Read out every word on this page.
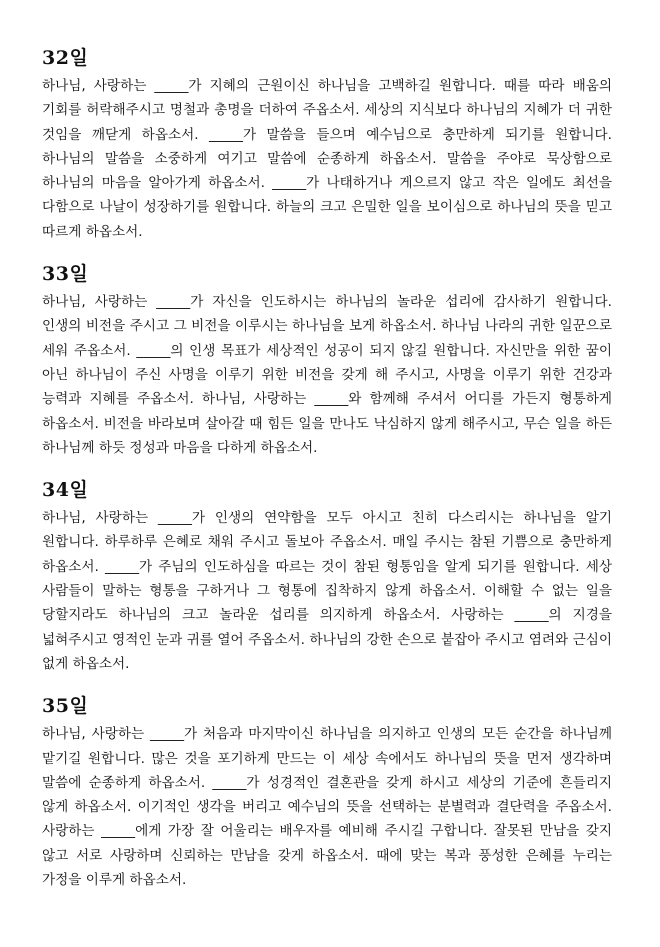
32일

하나님, 사랑하는 _____가 지혜의 근원이신 하나님을 고백하길 원합니다. 때를 따라 배움의 기회를 허락해주시고 명철과 총명을 더하여 주옵소서. 세상의 지식보다 하나님의 지혜가 더 귀한 것임을 깨닫게 하옵소서. _____가 말씀을 들으며 예수님으로 충만하게 되기를 원합니다. 하나님의 말씀을 소중하게 여기고 말씀에 순종하게 하옵소서. 말씀을 주야로 묵상함으로 하나님의 마음을 알아가게 하옵소서. _____가 나태하거나 게으르지 않고 작은 일에도 최선을 다함으로 나날이 성장하기를 원합니다. 하늘의 크고 은밀한 일을 보이심으로 하나님의 뜻을 믿고 따르게 하옵소서.

33일

하나님, 사랑하는 _____가 자신을 인도하시는 하나님의 놀라운 섭리에 감사하기 원합니다. 인생의 비전을 주시고 그 비전을 이루시는 하나님을 보게 하옵소서. 하나님 나라의 귀한 일꾼으로 세워 주옵소서. _____의 인생 목표가 세상적인 성공이 되지 않길 원합니다. 자신만을 위한 꿈이 아닌 하나님이 주신 사명을 이루기 위한 비전을 갖게 해 주시고, 사명을 이루기 위한 건강과 능력과 지혜를 주옵소서. 하나님, 사랑하는 _____와 함께해 주셔서 어디를 가든지 형통하게 하옵소서. 비전을 바라보며 살아갈 때 힘든 일을 만나도 낙심하지 않게 해주시고, 무슨 일을 하든 하나님께 하듯 정성과 마음을 다하게 하옵소서.

34일

하나님, 사랑하는 _____가 인생의 연약함을 모두 아시고 친히 다스리시는 하나님을 알기 원합니다. 하루하루 은혜로 채워 주시고 돌보아 주옵소서. 매일 주시는 참된 기쁨으로 충만하게 하옵소서. _____가 주님의 인도하심을 따르는 것이 참된 형통임을 알게 되기를 원합니다. 세상 사람들이 말하는 형통을 구하거나 그 형통에 집착하지 않게 하옵소서. 이해할 수 없는 일을 당할지라도 하나님의 크고 놀라운 섭리를 의지하게 하옵소서. 사랑하는 _____의 지경을 넓혀주시고 영적인 눈과 귀를 열어 주옵소서. 하나님의 강한 손으로 붙잡아 주시고 염려와 근심이 없게 하옵소서.

35일

하나님, 사랑하는 _____가 처음과 마지막이신 하나님을 의지하고 인생의 모든 순간을 하나님께 맡기길 원합니다. 많은 것을 포기하게 만드는 이 세상 속에서도 하나님의 뜻을 먼저 생각하며 말씀에 순종하게 하옵소서. _____가 성경적인 결혼관을 갖게 하시고 세상의 기준에 흔들리지 않게 하옵소서. 이기적인 생각을 버리고 예수님의 뜻을 선택하는 분별력과 결단력을 주옵소서. 사랑하는 _____에게 가장 잘 어울리는 배우자를 예비해 주시길 구합니다. 잘못된 만남을 갖지 않고 서로 사랑하며 신뢰하는 만남을 갖게 하옵소서. 때에 맞는 복과 풍성한 은혜를 누리는 가정을 이루게 하옵소서.
